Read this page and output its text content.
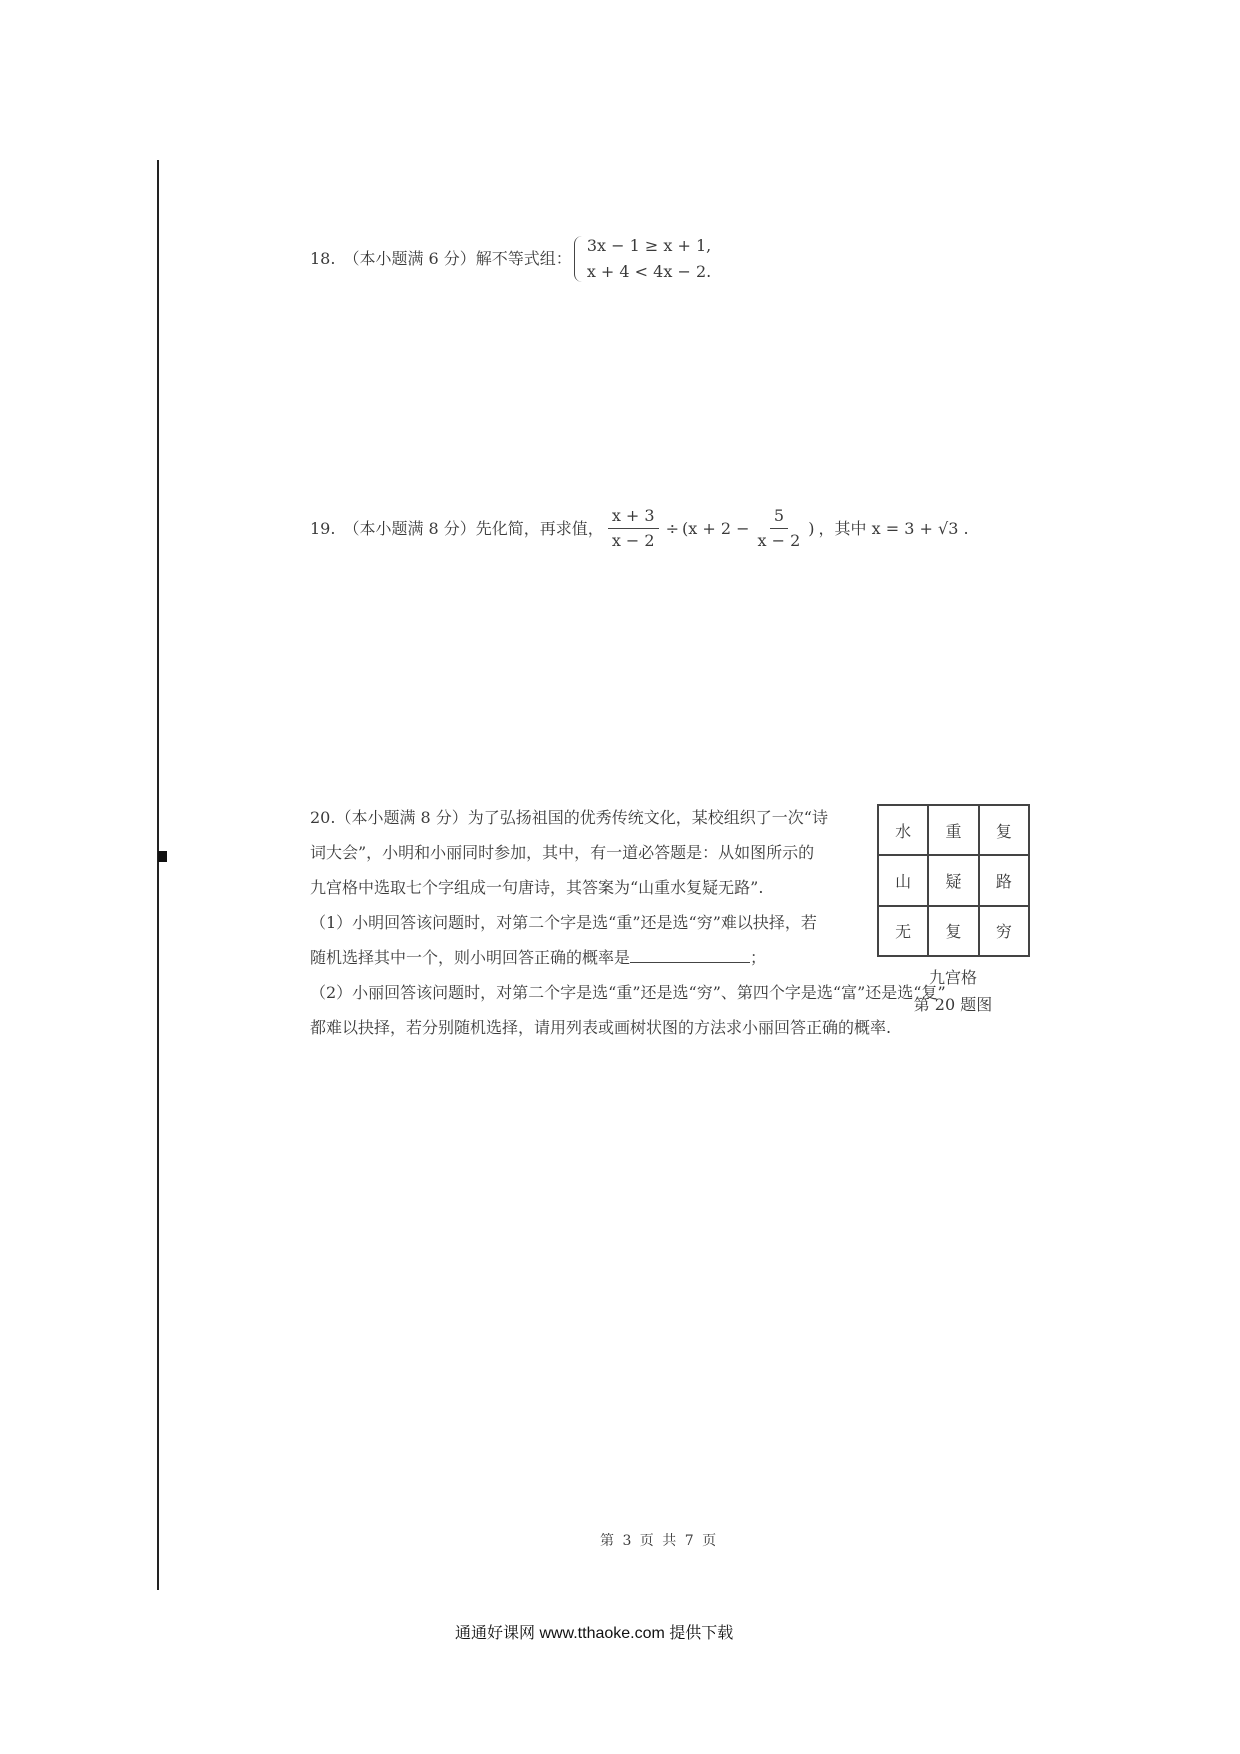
18. （本小题满 6 分）解不等式组：
3x − 1 ≥ x + 1,
x + 4 < 4x − 2.
19. （本小题满 8 分）先化简，再求值， $\frac{x + 3}{x - 2} \div (x + 2 - \frac{5}{x - 2}$ ) ，其中 x = 3 + √3 .

20.（本小题满 8 分）为了弘扬祖国的优秀传统文化，某校组织了一次“诗

词大会”，小明和小丽同时参加，其中，有一道必答题是：从如图所示的

九宫格中选取七个字组成一句唐诗，其答案为“山重水复疑无路”.

（1）小明回答该问题时，对第二个字是选“重”还是选“穷”难以抉择，若

随机选择其中一个，则小明回答正确的概率是	；

（2）小丽回答该问题时，对第二个字是选“重”还是选“穷”、第四个字是选“富”还是选“复”

都难以抉择，若分别随机选择，请用列表或画树状图的方法求小丽回答正确的概率.

水	重	复
山	疑	路
无	复	穷
九宫格
第 20 题图
第 3 页 共 7 页
通通好课网 www.tthaoke.com 提供下载
